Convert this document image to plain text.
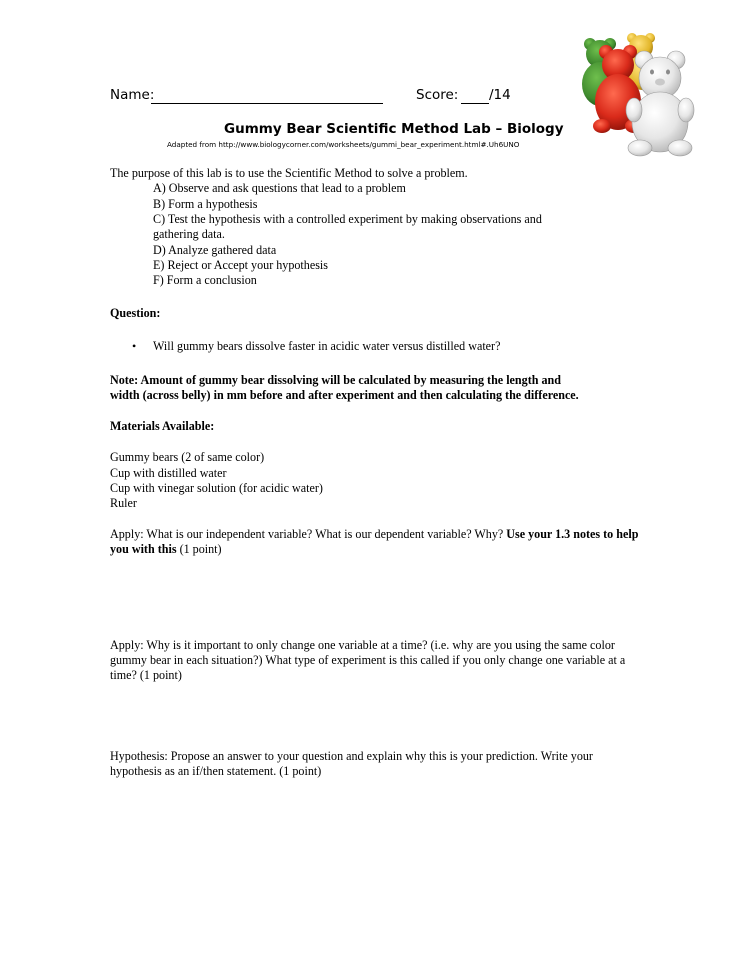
Name:	Score: /14
Gummy Bear Scientific Method Lab – Biology
Adapted from http://www.biologycorner.com/worksheets/gummi_bear_experiment.html#.Uh6UNO
The purpose of this lab is to use the Scientific Method to solve a problem.
A) Observe and ask questions that lead to a problem
B) Form a hypothesis
C) Test the hypothesis with a controlled experiment by making observations and
gathering data.
D) Analyze gathered data
E) Reject or Accept your hypothesis
F) Form a conclusion
Question:
• Will gummy bears dissolve faster in acidic water versus distilled water?
Note: Amount of gummy bear dissolving will be calculated by measuring the length and
width (across belly) in mm before and after experiment and then calculating the difference.
Materials Available:
Gummy bears (2 of same color)
Cup with distilled water
Cup with vinegar solution (for acidic water)
Ruler
Apply: What is our independent variable? What is our dependent variable? Why? Use your 1.3 notes to help you with this (1 point)
Apply: Why is it important to only change one variable at a time? (i.e. why are you using the same color gummy bear in each situation?) What type of experiment is this called if you only change one variable at a time? (1 point)
Hypothesis: Propose an answer to your question and explain why this is your prediction. Write your hypothesis as an if/then statement. (1 point)
